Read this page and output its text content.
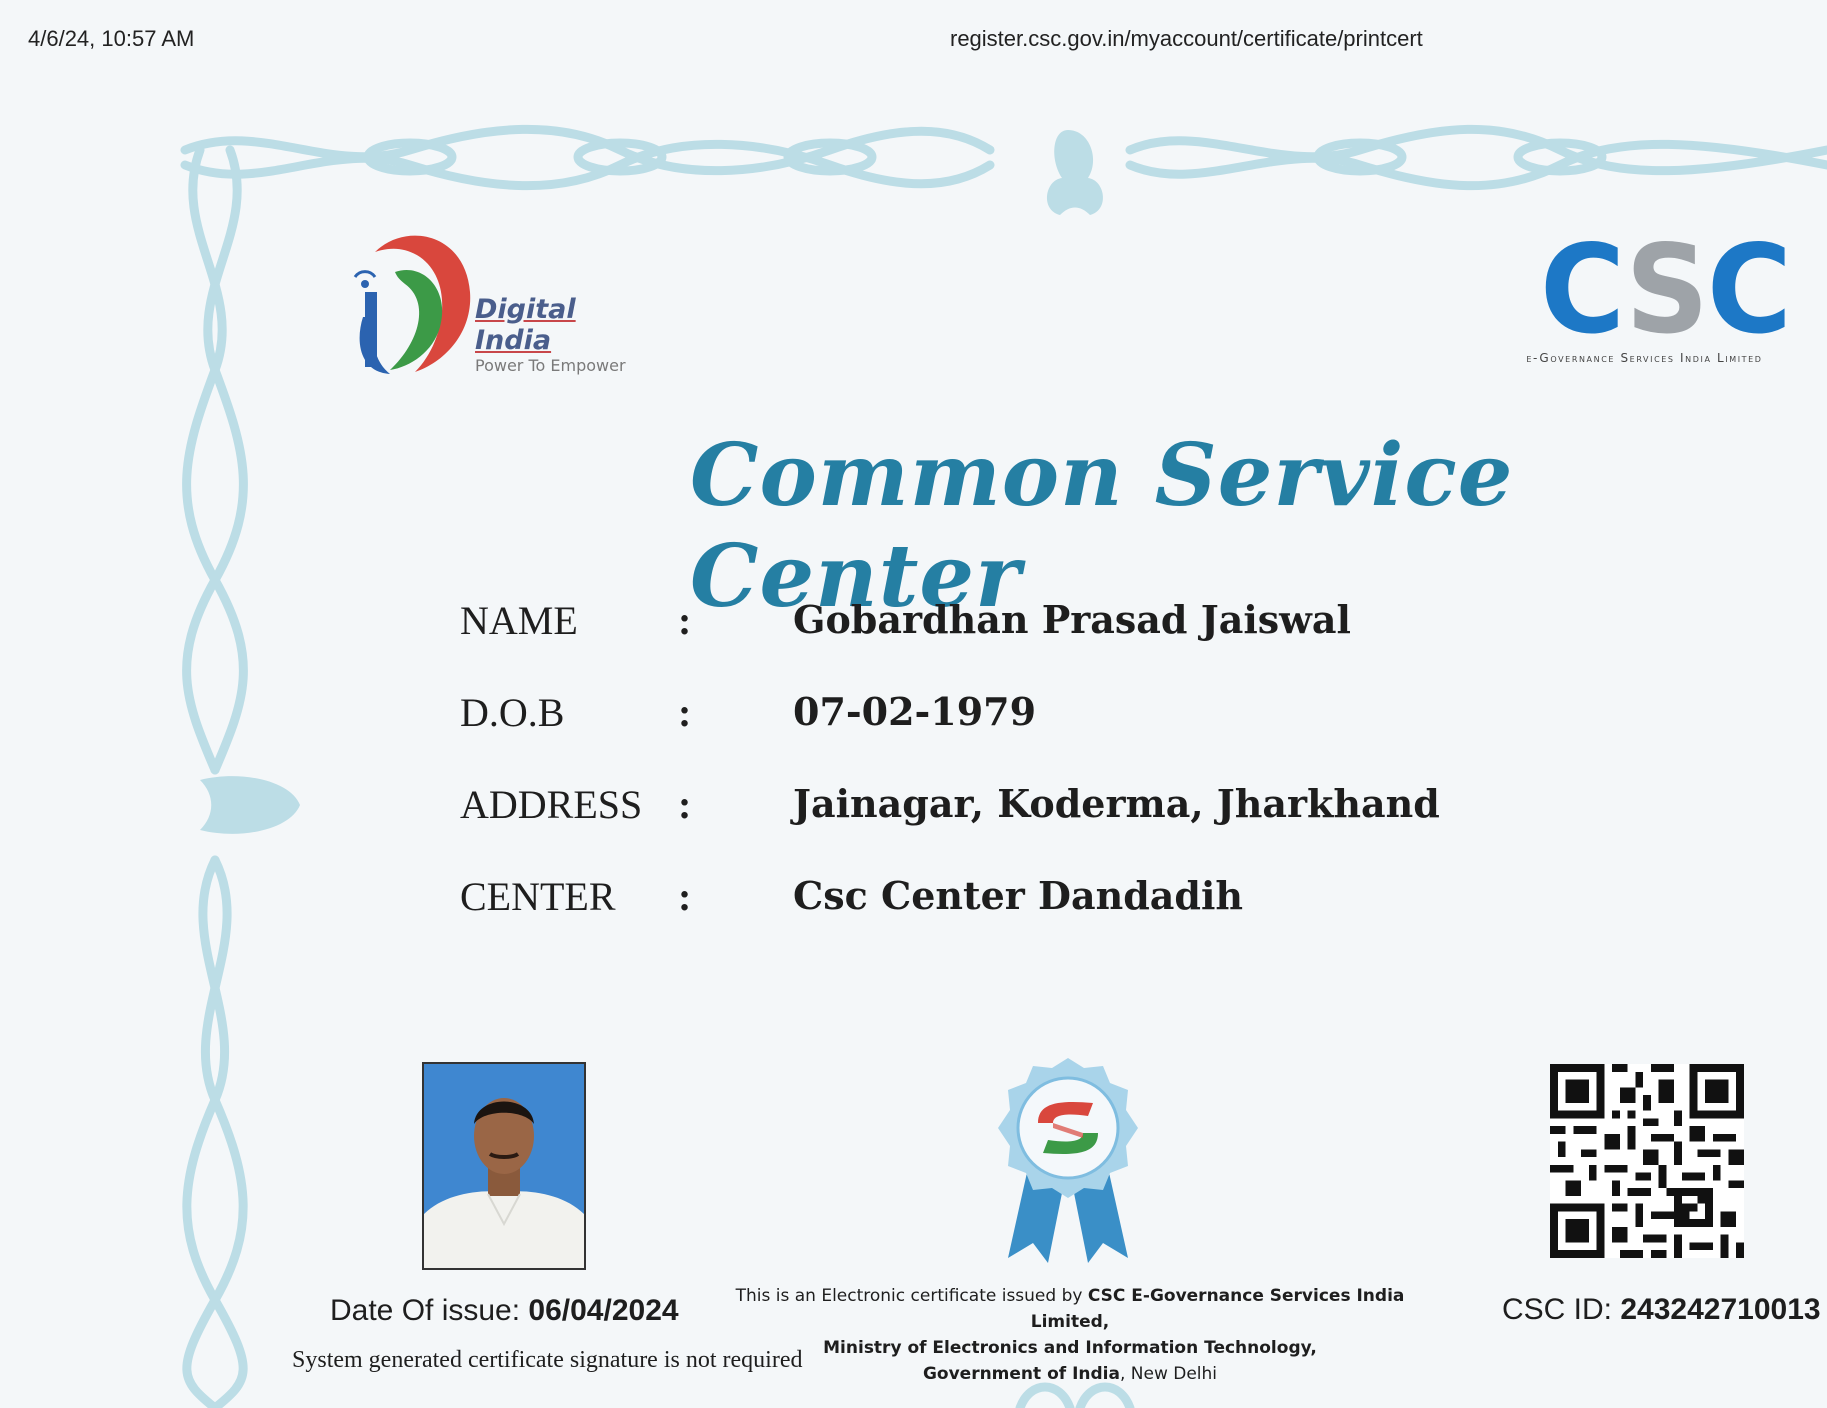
4/6/24, 10:57 AM	register.csc.gov.in/myaccount/certificate/printcert
Digital India
Power To Empower
CSC
e-Governance Services India Limited
Common Service Center
NAME	:	Gobardhan Prasad Jaiswal
D.O.B	:	07-02-1979
ADDRESS :	Jainagar, Koderma, Jharkhand
CENTER :	Csc Center Dandadih
Date Of issue: 06/04/2024
System generated certificate signature is not required
This is an Electronic certificate issued by CSC E-Governance Services India Limited,
Ministry of Electronics and Information Technology,
Government of India, New Delhi
CSC ID: 243242710013
